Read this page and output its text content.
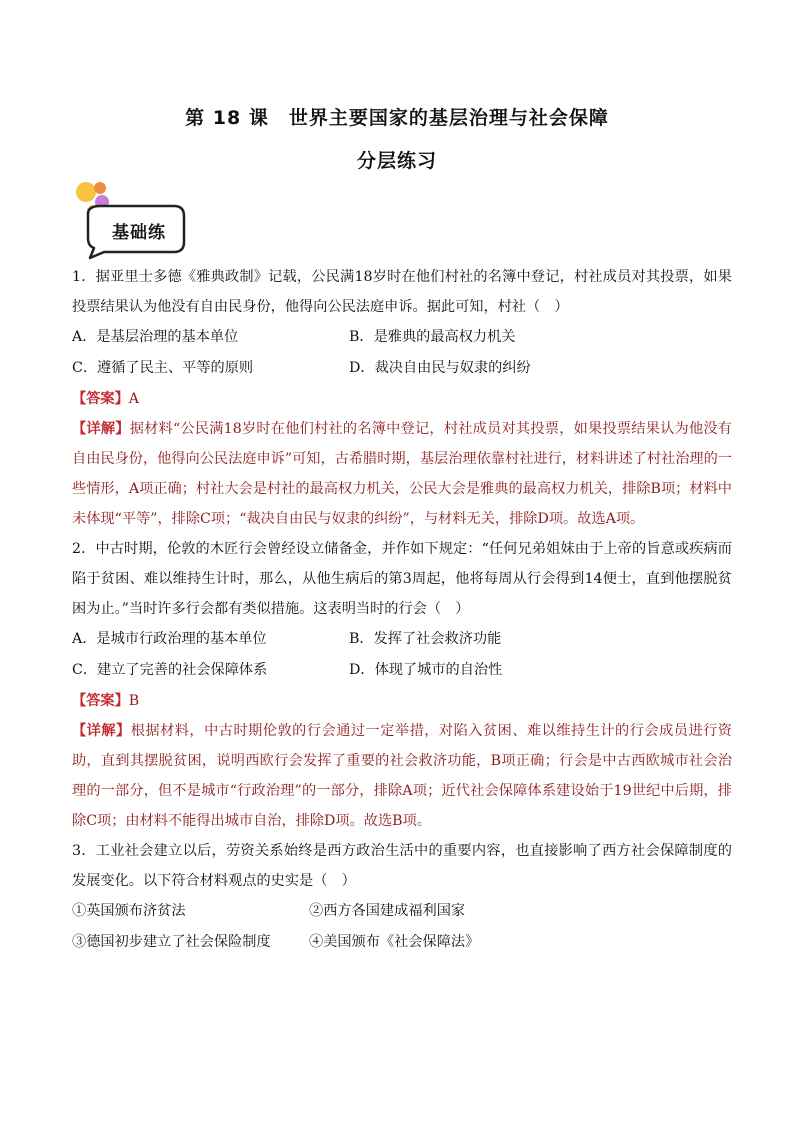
第 18 课　世界主要国家的基层治理与社会保障
分层练习
基础练

1．据亚里士多德《雅典政制》记载，公民满18岁时在他们村社的名簿中登记，村社成员对其投票，如果投票结果认为他没有自由民身份，他得向公民法庭申诉。据此可知，村社（　）

A．是基层治理的基本单位	B．是雅典的最高权力机关
C．遵循了民主、平等的原则	D．裁决自由民与奴隶的纠纷

【答案】A

【详解】据材料“公民满18岁时在他们村社的名簿中登记，村社成员对其投票，如果投票结果认为他没有自由民身份，他得向公民法庭申诉”可知，古希腊时期，基层治理依靠村社进行，材料讲述了村社治理的一些情形，A项正确；村社大会是村社的最高权力机关，公民大会是雅典的最高权力机关，排除B项；材料中未体现“平等”，排除C项；“裁决自由民与奴隶的纠纷”，与材料无关，排除D项。故选A项。

2．中古时期，伦敦的木匠行会曾经设立储备金，并作如下规定：“任何兄弟姐妹由于上帝的旨意或疾病而陷于贫困、难以维持生计时，那么，从他生病后的第3周起，他将每周从行会得到14便士，直到他摆脱贫困为止。”当时许多行会都有类似措施。这表明当时的行会（　）

A．是城市行政治理的基本单位	B．发挥了社会救济功能
C．建立了完善的社会保障体系	D．体现了城市的自治性

【答案】B

【详解】根据材料，中古时期伦敦的行会通过一定举措，对陷入贫困、难以维持生计的行会成员进行资助，直到其摆脱贫困，说明西欧行会发挥了重要的社会救济功能，B项正确；行会是中古西欧城市社会治理的一部分，但不是城市“行政治理”的一部分，排除A项；近代社会保障体系建设始于19世纪中后期，排除C项；由材料不能得出城市自治，排除D项。故选B项。

3．工业社会建立以后，劳资关系始终是西方政治生活中的重要内容，也直接影响了西方社会保障制度的发展变化。以下符合材料观点的史实是（　）

①英国颁布济贫法	②西方各国建成福利国家
③德国初步建立了社会保险制度	④美国颁布《社会保障法》
